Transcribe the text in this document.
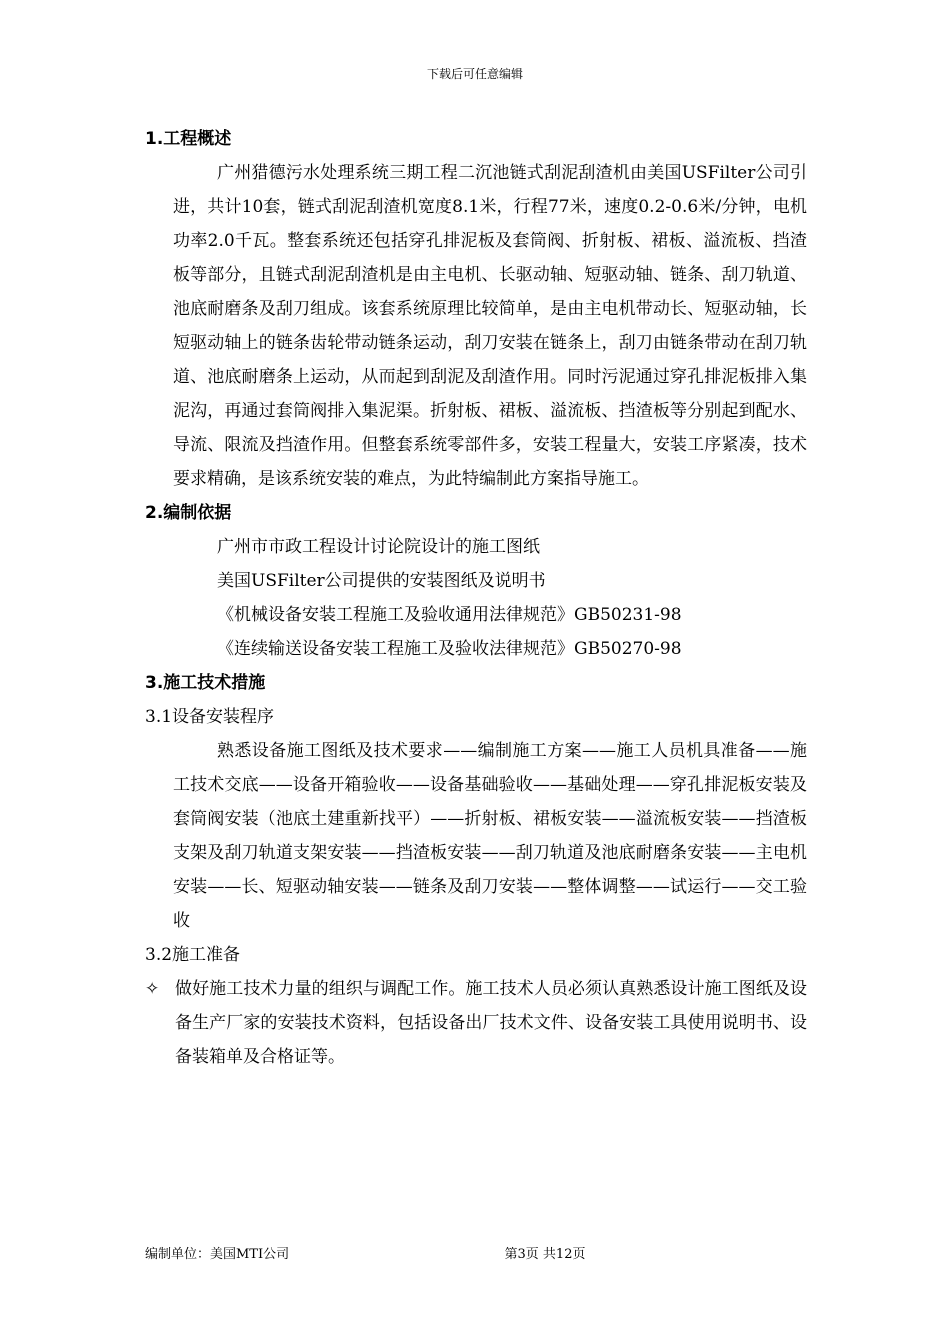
下载后可任意编辑

1.工程概述

广州猎德污水处理系统三期工程二沉池链式刮泥刮渣机由美国USFilter公司引进，共计10套，链式刮泥刮渣机宽度8.1米，行程77米，速度0.2-0.6米/分钟，电机功率2.0千瓦。整套系统还包括穿孔排泥板及套筒阀、折射板、裙板、溢流板、挡渣板等部分，且链式刮泥刮渣机是由主电机、长驱动轴、短驱动轴、链条、刮刀轨道、池底耐磨条及刮刀组成。该套系统原理比较简单，是由主电机带动长、短驱动轴，长短驱动轴上的链条齿轮带动链条运动，刮刀安装在链条上，刮刀由链条带动在刮刀轨道、池底耐磨条上运动，从而起到刮泥及刮渣作用。同时污泥通过穿孔排泥板排入集泥沟，再通过套筒阀排入集泥渠。折射板、裙板、溢流板、挡渣板等分别起到配水、导流、限流及挡渣作用。但整套系统零部件多，安装工程量大，安装工序紧凑，技术要求精确，是该系统安装的难点，为此特编制此方案指导施工。

2.编制依据

广州市市政工程设计讨论院设计的施工图纸

美国USFilter公司提供的安装图纸及说明书

《机械设备安装工程施工及验收通用法律规范》GB50231-98

《连续输送设备安装工程施工及验收法律规范》GB50270-98

3.施工技术措施

3.1设备安装程序

熟悉设备施工图纸及技术要求——编制施工方案——施工人员机具准备——施工技术交底——设备开箱验收——设备基础验收——基础处理——穿孔排泥板安装及套筒阀安装（池底土建重新找平）——折射板、裙板安装——溢流板安装——挡渣板支架及刮刀轨道支架安装——挡渣板安装——刮刀轨道及池底耐磨条安装——主电机安装——长、短驱动轴安装——链条及刮刀安装——整体调整——试运行——交工验收

3.2施工准备

✧ 做好施工技术力量的组织与调配工作。施工技术人员必须认真熟悉设计施工图纸及设备生产厂家的安装技术资料，包括设备出厂技术文件、设备安装工具使用说明书、设备装箱单及合格证等。
编制单位：美国MTI公司	第3页 共12页
